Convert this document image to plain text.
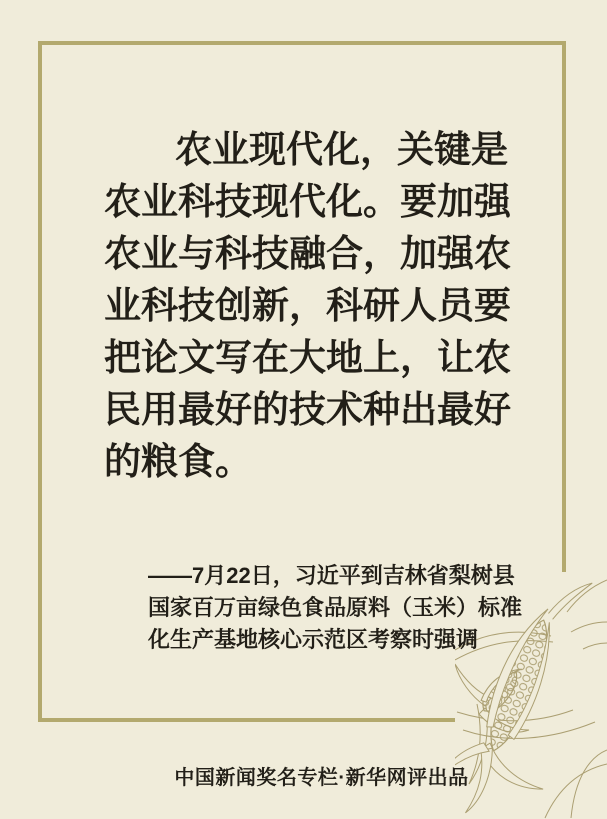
农业现代化，关键是
农业科技现代化。要加强
农业与科技融合，加强农
业科技创新，科研人员要
把论文写在大地上，让农
民用最好的技术种出最好
的粮食。
——7月22日，习近平到吉林省梨树县
国家百万亩绿色食品原料（玉米）标准
化生产基地核心示范区考察时强调
中国新闻奖名专栏·新华网评出品
